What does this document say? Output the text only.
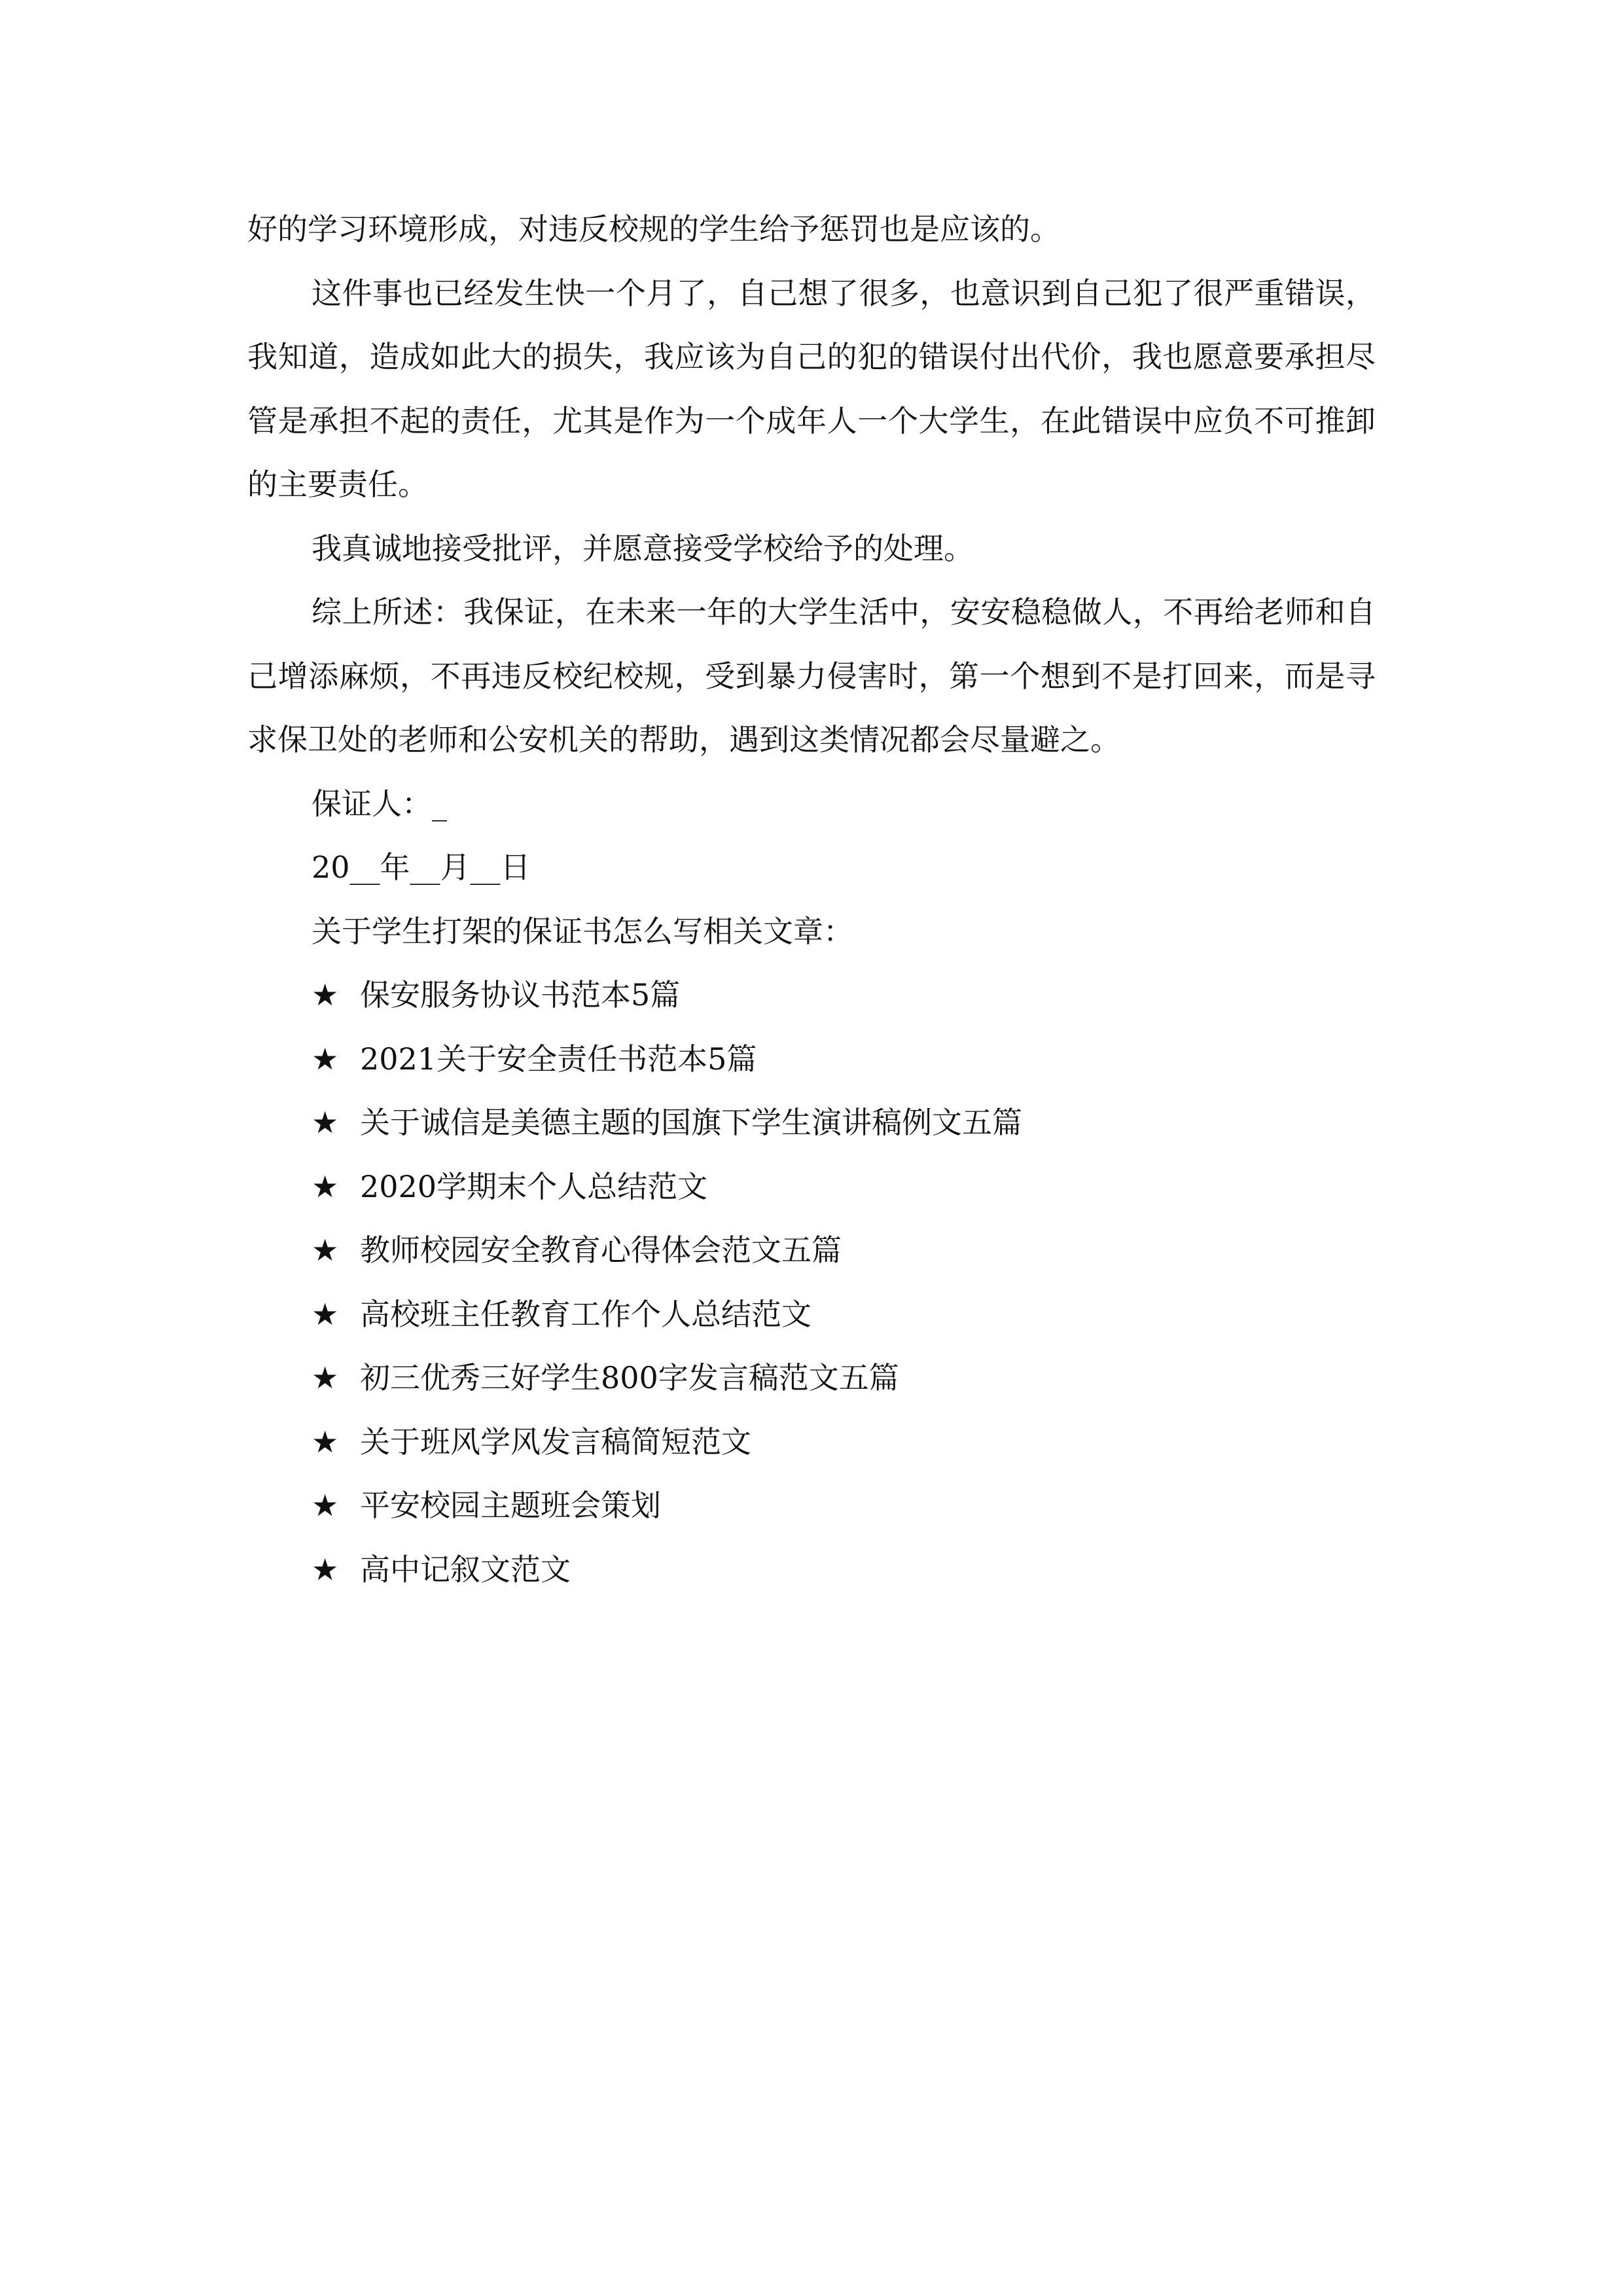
好的学习环境形成，对违反校规的学生给予惩罚也是应该的。

这件事也已经发生快一个月了，自己想了很多，也意识到自己犯了很严重错误，我知道，造成如此大的损失，我应该为自己的犯的错误付出代价，我也愿意要承担尽管是承担不起的责任，尤其是作为一个成年人一个大学生，在此错误中应负不可推卸的主要责任。

我真诚地接受批评，并愿意接受学校给予的处理。

综上所述：我保证，在未来一年的大学生活中，安安稳稳做人，不再给老师和自己增添麻烦，不再违反校纪校规，受到暴力侵害时，第一个想到不是打回来，而是寻求保卫处的老师和公安机关的帮助，遇到这类情况都会尽量避之。

保证人：_

20__年__月__日

关于学生打架的保证书怎么写相关文章：

★ 保安服务协议书范本5篇
★ 2021关于安全责任书范本5篇
★ 关于诚信是美德主题的国旗下学生演讲稿例文五篇
★ 2020学期末个人总结范文
★ 教师校园安全教育心得体会范文五篇
★ 高校班主任教育工作个人总结范文
★ 初三优秀三好学生800字发言稿范文五篇
★ 关于班风学风发言稿简短范文
★ 平安校园主题班会策划
★ 高中记叙文范文
